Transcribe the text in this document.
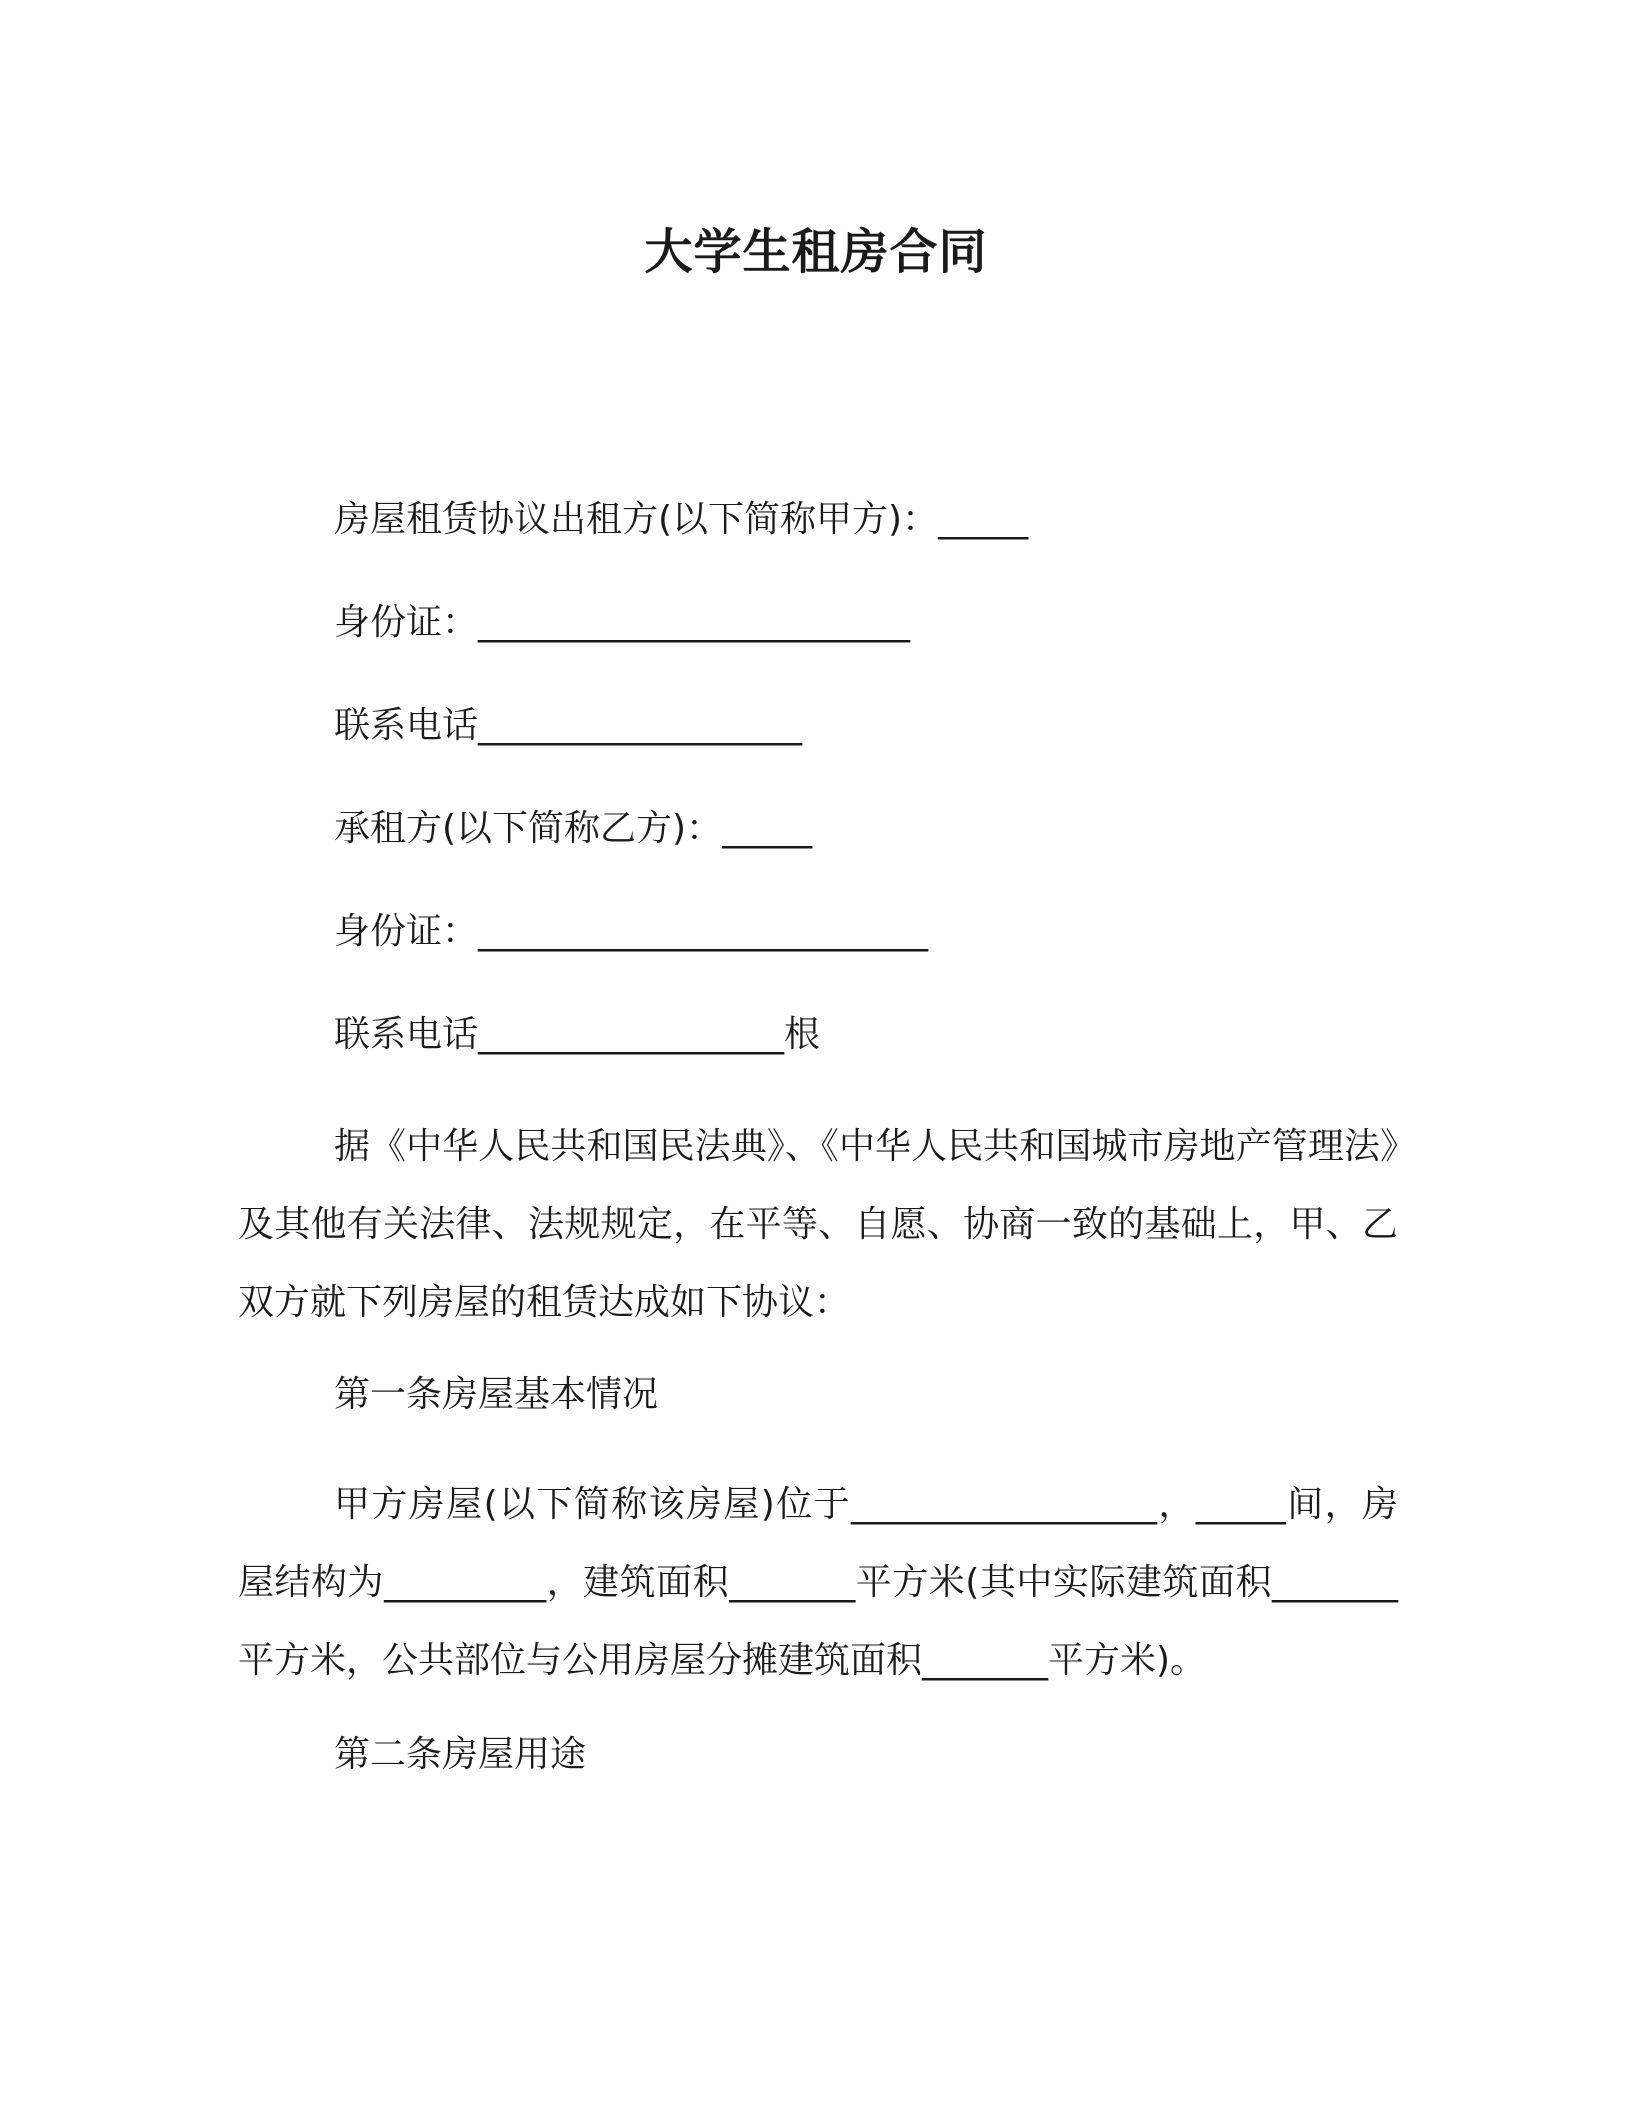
大学生租房合同
房屋租赁协议出租方(以下简称甲方)：_____
身份证：________________________
联系电话__________________
承租方(以下简称乙方)：_____
身份证：_________________________
联系电话_________________根
据《中华人民共和国民法典》、《中华人民共和国城市房地产管理法》及其他有关法律、法规规定，在平等、自愿、协商一致的基础上，甲、乙双方就下列房屋的租赁达成如下协议：
第一条房屋基本情况
甲方房屋(以下简称该房屋)位于_________________，_____间，房屋结构为_________，建筑面积_______平方米(其中实际建筑面积_______平方米，公共部位与公用房屋分摊建筑面积_______平方米)。
第二条房屋用途
